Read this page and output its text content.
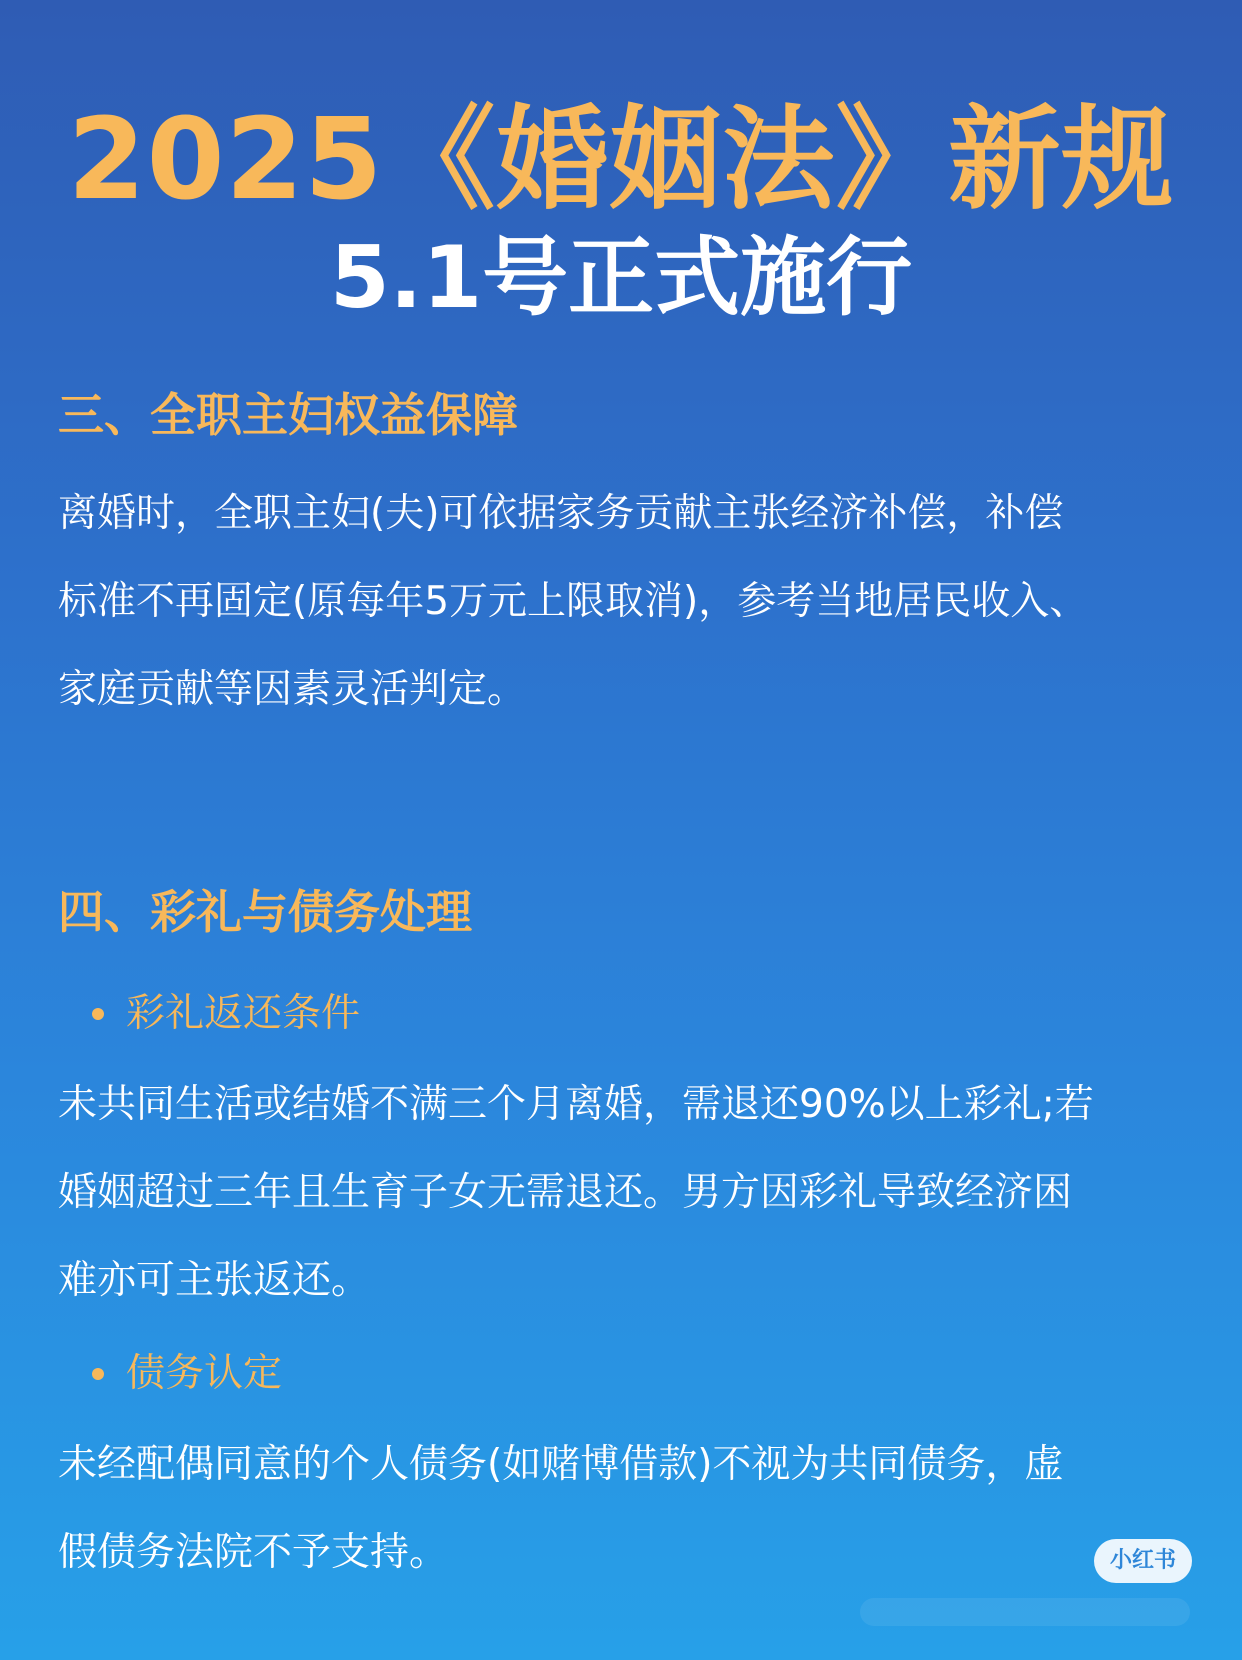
2025《婚姻法》新规
5.1号正式施行
三、全职主妇权益保障
离婚时，全职主妇(夫)可依据家务贡献主张经济补偿，补偿
标准不再固定(原每年5万元上限取消)，参考当地居民收入、
家庭贡献等因素灵活判定。
四、彩礼与债务处理
彩礼返还条件
未共同生活或结婚不满三个月离婚，需退还90%以上彩礼;若
婚姻超过三年且生育子女无需退还。男方因彩礼导致经济困
难亦可主张返还。
债务认定
未经配偶同意的个人债务(如赌博借款)不视为共同债务，虚
假债务法院不予支持。	小红书
